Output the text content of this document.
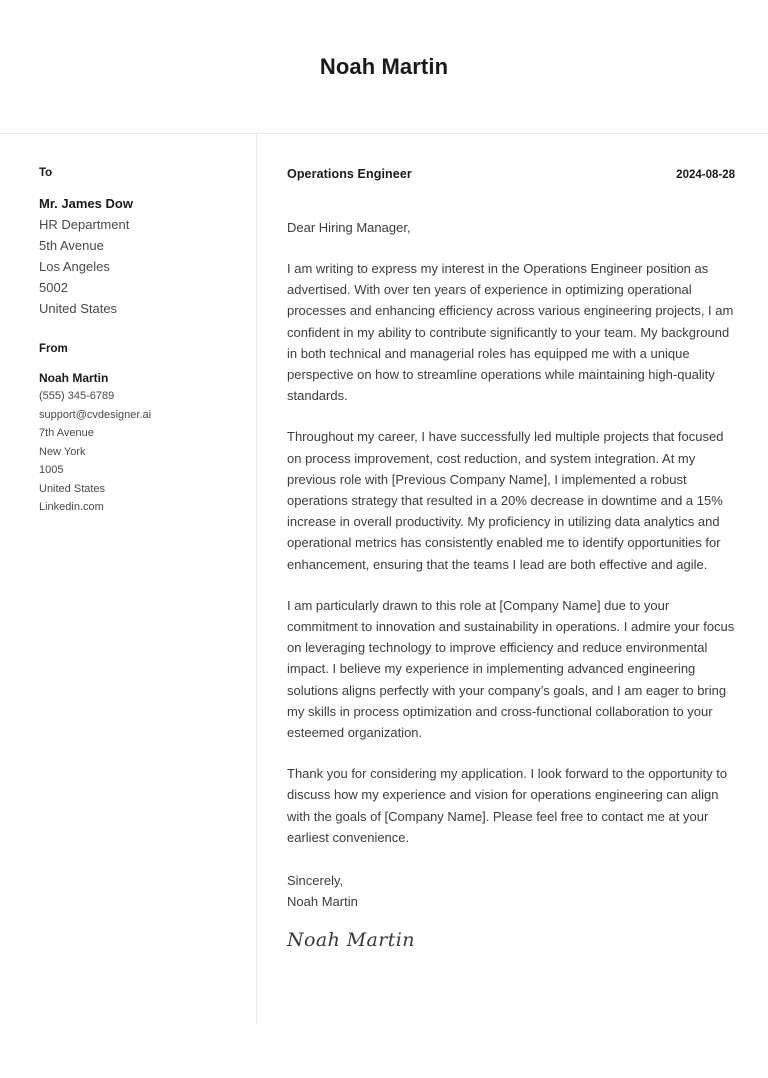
Noah Martin
To
Mr. James Dow
HR Department
5th Avenue
Los Angeles
5002
United States
From
Noah Martin
(555) 345-6789
support@cvdesigner.ai
7th Avenue
New York
1005
United States
Linkedin.com
Operations Engineer	2024-08-28
Dear Hiring Manager,

I am writing to express my interest in the Operations Engineer position as advertised. With over ten years of experience in optimizing operational processes and enhancing efficiency across various engineering projects, I am confident in my ability to contribute significantly to your team. My background in both technical and managerial roles has equipped me with a unique perspective on how to streamline operations while maintaining high-quality standards.

Throughout my career, I have successfully led multiple projects that focused on process improvement, cost reduction, and system integration. At my previous role with [Previous Company Name], I implemented a robust operations strategy that resulted in a 20% decrease in downtime and a 15% increase in overall productivity. My proficiency in utilizing data analytics and operational metrics has consistently enabled me to identify opportunities for enhancement, ensuring that the teams I lead are both effective and agile.

I am particularly drawn to this role at [Company Name] due to your commitment to innovation and sustainability in operations. I admire your focus on leveraging technology to improve efficiency and reduce environmental impact. I believe my experience in implementing advanced engineering solutions aligns perfectly with your company’s goals, and I am eager to bring my skills in process optimization and cross-functional collaboration to your esteemed organization.

Thank you for considering my application. I look forward to the opportunity to discuss how my experience and vision for operations engineering can align with the goals of [Company Name]. Please feel free to contact me at your earliest convenience.

Sincerely,
Noah Martin
Noah Martin
